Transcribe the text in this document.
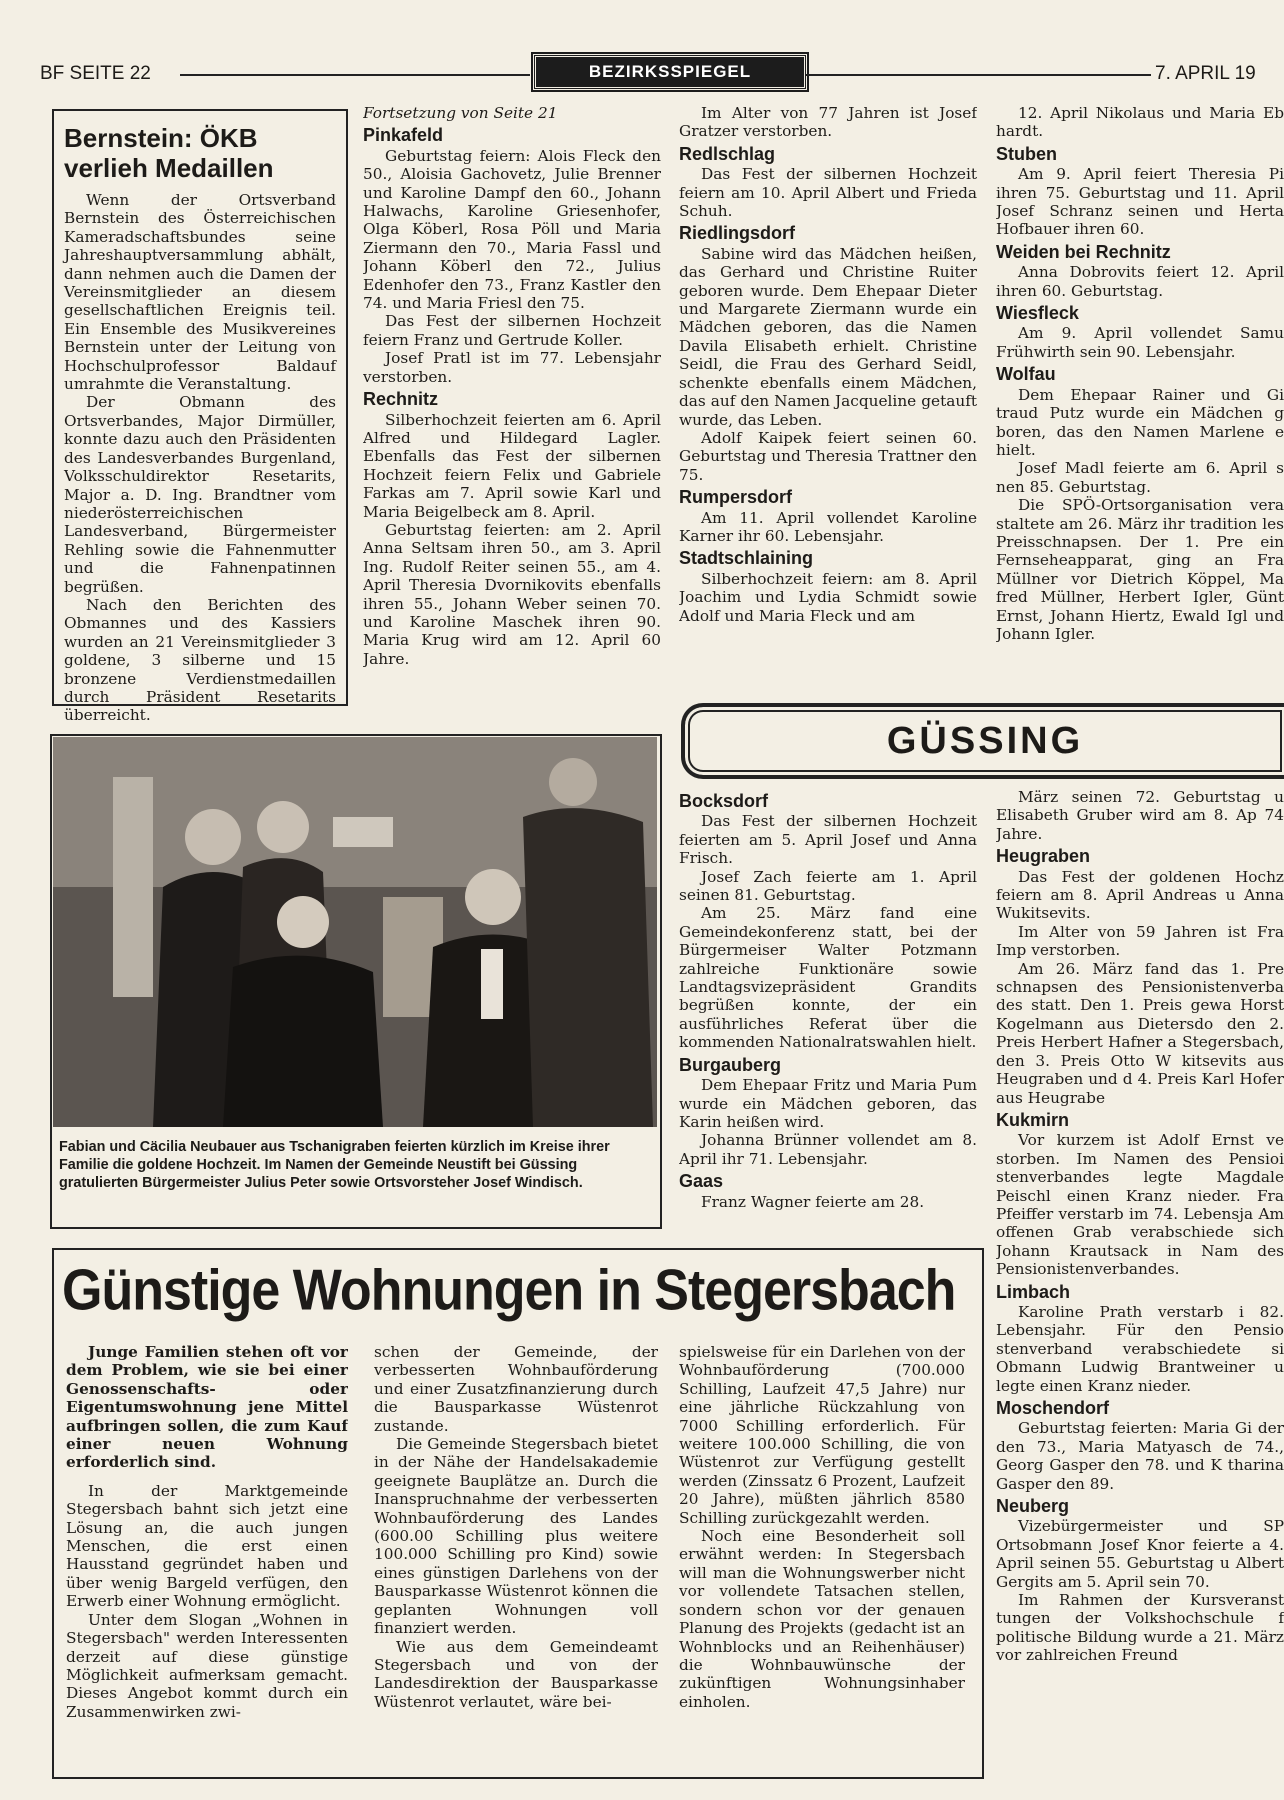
BF SEITE 22	BEZIRKSSPIEGEL	7. APRIL 19
Bernstein: ÖKB verlieh Medaillen

Wenn der Ortsverband Bernstein des Österreichischen Kameradschaftsbundes seine Jahreshauptversammlung abhält, dann nehmen auch die Damen der Vereinsmitglieder an diesem gesellschaftlichen Ereignis teil. Ein Ensemble des Musikvereines Bernstein unter der Leitung von Hochschulprofessor Baldauf umrahmte die Veranstaltung.

Der Obmann des Ortsverbandes, Major Dirmüller, konnte dazu auch den Präsidenten des Landesverbandes Burgenland, Volksschuldirektor Resetarits, Major a. D. Ing. Brandtner vom niederösterreichischen Landesverband, Bürgermeister Rehling sowie die Fahnenmutter und die Fahnenpatinnen begrüßen.

Nach den Berichten des Obmannes und des Kassiers wurden an 21 Vereinsmitglieder 3 goldene, 3 silberne und 15 bronzene Verdienstmedaillen durch Präsident Resetarits überreicht.

Fortsetzung von Seite 21

Pinkafeld

Geburtstag feiern: Alois Fleck den 50., Aloisia Gachovetz, Julie Brenner und Karoline Dampf den 60., Johann Halwachs, Karoline Griesenhofer, Olga Köberl, Rosa Pöll und Maria Ziermann den 70., Maria Fassl und Johann Köberl den 72., Julius Edenhofer den 73., Franz Kastler den 74. und Maria Friesl den 75.

Das Fest der silbernen Hochzeit feiern Franz und Gertrude Koller.

Josef Pratl ist im 77. Lebensjahr verstorben.

Rechnitz

Silberhochzeit feierten am 6. April Alfred und Hildegard Lagler. Ebenfalls das Fest der silbernen Hochzeit feiern Felix und Gabriele Farkas am 7. April sowie Karl und Maria Beigelbeck am 8. April.

Geburtstag feierten: am 2. April Anna Seltsam ihren 50., am 3. April Ing. Rudolf Reiter seinen 55., am 4. April Theresia Dvornikovits ebenfalls ihren 55., Johann Weber seinen 70. und Karoline Maschek ihren 90. Maria Krug wird am 12. April 60 Jahre.

Im Alter von 77 Jahren ist Josef Gratzer verstorben.

Redlschlag

Das Fest der silbernen Hochzeit feiern am 10. April Albert und Frieda Schuh.

Riedlingsdorf

Sabine wird das Mädchen heißen, das Gerhard und Christine Ruiter geboren wurde. Dem Ehepaar Dieter und Margarete Ziermann wurde ein Mädchen geboren, das die Namen Davila Elisabeth erhielt. Christine Seidl, die Frau des Gerhard Seidl, schenkte ebenfalls einem Mädchen, das auf den Namen Jacqueline getauft wurde, das Leben.

Adolf Kaipek feiert seinen 60. Geburtstag und Theresia Trattner den 75.

Rumpersdorf

Am 11. April vollendet Karoline Karner ihr 60. Lebensjahr.

Stadtschlaining

Silberhochzeit feiern: am 8. April Joachim und Lydia Schmidt sowie Adolf und Maria Fleck und am

12. April Nikolaus und Maria Eb hardt.

Stuben

Am 9. April feiert Theresia Pi ihren 75. Geburtstag und 11. April Josef Schranz seinen und Herta Hofbauer ihren 60.

Weiden bei Rechnitz

Anna Dobrovits feiert 12. April ihren 60. Geburtstag.

Wiesfleck

Am 9. April vollendet Samu Frühwirth sein 90. Lebensjahr.

Wolfau

Dem Ehepaar Rainer und Gi traud Putz wurde ein Mädchen g boren, das den Namen Marlene e hielt.

Josef Madl feierte am 6. April s nen 85. Geburtstag.

Die SPÖ-Ortsorganisation vera staltete am 26. März ihr tradition les Preisschnapsen. Der 1. Pre ein Fernseheapparat, ging an Fra Müllner vor Dietrich Köppel, Ma fred Müllner, Herbert Igler, Günt Ernst, Johann Hiertz, Ewald Igl und Johann Igler.

GÜSSING
Fabian und Cäcilia Neubauer aus Tschanigraben feierten kürzlich im Kreise ihrer Familie die goldene Hochzeit. Im Namen der Gemeinde Neustift bei Güssing gratulierten Bürgermeister Julius Peter sowie Ortsvorsteher Josef Windisch.
Bocksdorf

Das Fest der silbernen Hochzeit feierten am 5. April Josef und Anna Frisch.

Josef Zach feierte am 1. April seinen 81. Geburtstag.

Am 25. März fand eine Gemeindekonferenz statt, bei der Bürgermeiser Walter Potzmann zahlreiche Funktionäre sowie Landtagsvizepräsident Grandits begrüßen konnte, der ein ausführliches Referat über die kommenden Nationalratswahlen hielt.

Burgauberg

Dem Ehepaar Fritz und Maria Pum wurde ein Mädchen geboren, das Karin heißen wird.

Johanna Brünner vollendet am 8. April ihr 71. Lebensjahr.

Gaas

Franz Wagner feierte am 28.

März seinen 72. Geburtstag u Elisabeth Gruber wird am 8. Ap 74 Jahre.

Heugraben

Das Fest der goldenen Hochz feiern am 8. April Andreas u Anna Wukitsevits.

Im Alter von 59 Jahren ist Fra Imp verstorben.

Am 26. März fand das 1. Pre schnapsen des Pensionistenverba des statt. Den 1. Preis gewa Horst Kogelmann aus Dietersdo den 2. Preis Herbert Hafner a Stegersbach, den 3. Preis Otto W kitsevits aus Heugraben und d 4. Preis Karl Hofer aus Heugrabe

Kukmirn

Vor kurzem ist Adolf Ernst ve storben. Im Namen des Pensioi stenverbandes legte Magdale Peischl einen Kranz nieder. Fra Pfeiffer verstarb im 74. Lebensja Am offenen Grab verabschiede sich Johann Krautsack in Nam des Pensionistenverbandes.

Limbach

Karoline Prath verstarb i 82. Lebensjahr. Für den Pensio stenverband verabschiedete si Obmann Ludwig Brantweiner u legte einen Kranz nieder.

Moschendorf

Geburtstag feierten: Maria Gi der den 73., Maria Matyasch de 74., Georg Gasper den 78. und K tharina Gasper den 89.

Neuberg

Vizebürgermeister und SP Ortsobmann Josef Knor feierte a 4. April seinen 55. Geburtstag u Albert Gergits am 5. April sein 70.

Im Rahmen der Kursveranst tungen der Volkshochschule f politische Bildung wurde a 21. März vor zahlreichen Freund

Günstige Wohnungen in Stegersbach

Junge Familien stehen oft vor dem Problem, wie sie bei einer Genossenschafts- oder Eigentumswohnung jene Mittel aufbringen sollen, die zum Kauf einer neuen Wohnung erforderlich sind.

In der Marktgemeinde Stegersbach bahnt sich jetzt eine Lösung an, die auch jungen Menschen, die erst einen Hausstand gegründet haben und über wenig Bargeld verfügen, den Erwerb einer Wohnung ermöglicht.

Unter dem Slogan „Wohnen in Stegersbach" werden Interessenten derzeit auf diese günstige Möglichkeit aufmerksam gemacht. Dieses Angebot kommt durch ein Zusammenwirken zwi-

schen der Gemeinde, der verbesserten Wohnbauförderung und einer Zusatzfinanzierung durch die Bausparkasse Wüstenrot zustande.

Die Gemeinde Stegersbach bietet in der Nähe der Handelsakademie geeignete Bauplätze an. Durch die Inanspruchnahme der verbesserten Wohnbauförderung des Landes (600.00 Schilling plus weitere 100.000 Schilling pro Kind) sowie eines günstigen Darlehens von der Bausparkasse Wüstenrot können die geplanten Wohnungen voll finanziert werden.

Wie aus dem Gemeindeamt Stegersbach und von der Landesdirektion der Bausparkasse Wüstenrot verlautet, wäre bei-

spielsweise für ein Darlehen von der Wohnbauförderung (700.000 Schilling, Laufzeit 47,5 Jahre) nur eine jährliche Rückzahlung von 7000 Schilling erforderlich. Für weitere 100.000 Schilling, die von Wüstenrot zur Verfügung gestellt werden (Zinssatz 6 Prozent, Laufzeit 20 Jahre), müßten jährlich 8580 Schilling zurückgezahlt werden.

Noch eine Besonderheit soll erwähnt werden: In Stegersbach will man die Wohnungswerber nicht vor vollendete Tatsachen stellen, sondern schon vor der genauen Planung des Projekts (gedacht ist an Wohnblocks und an Reihenhäuser) die Wohnbauwünsche der zukünftigen Wohnungsinhaber einholen.
